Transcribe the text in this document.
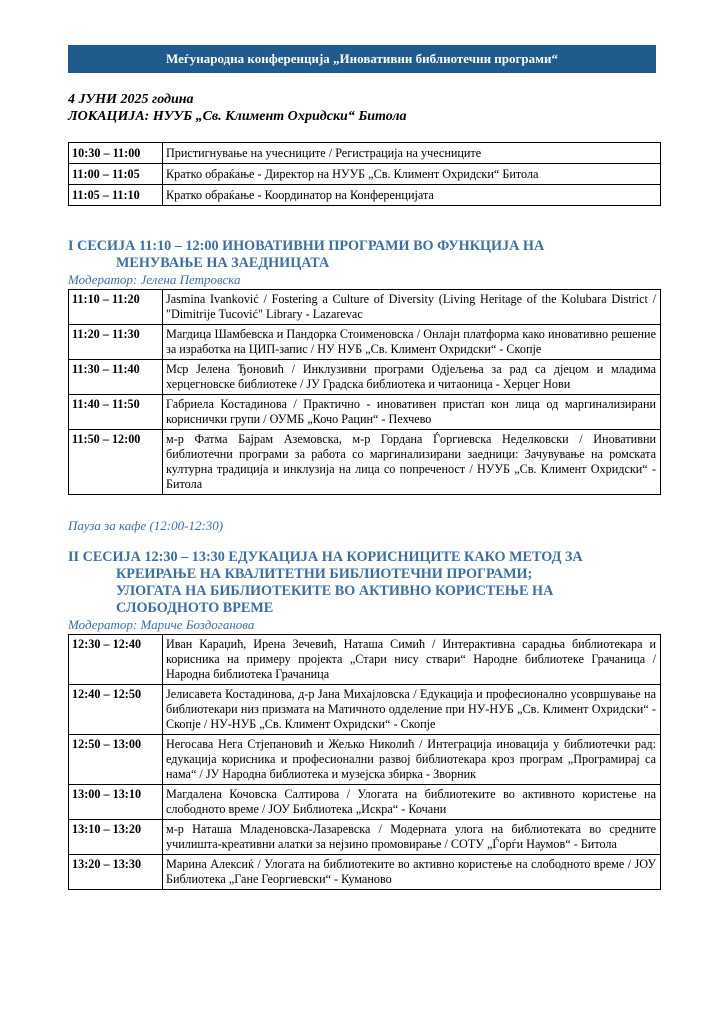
Меѓународна конференција „Иновативни библиотечни програми“
4 ЈУНИ 2025 година
ЛОКАЦИЈА: НУУБ „Св. Климент Охридски“ Битола
10:30 – 11:00	Пристигнување на учесниците / Регистрација на учесниците
11:00 – 11:05	Кратко обраќање - Директор на НУУБ „Св. Климент Охридски“ Битола
11:05 – 11:10	Кратко обраќање - Координатор на Конференцијата
I СЕСИЈА 11:10 – 12:00 ИНОВАТИВНИ ПРОГРАМИ ВО ФУНКЦИЈА НА
МЕНУВАЊЕ НА ЗАЕДНИЦАТА
Модератор: Јелена Петровска
11:10 – 11:20	Jasmina Ivanković / Fostering a Culture of Diversity (Living Heritage of the Kolubara District / "Dimitrije Tucović" Library - Lazarevac
11:20 – 11:30	Магдица Шамбевска и Пандорка Стоименовска / Онлајн платформа како иновативно решение за изработка на ЦИП-запис / НУ НУБ „Св. Климент Охридски“ - Скопје
11:30 – 11:40	Мср Јелена Ђоновић / Инклузивни програми Одјељења за рад са дјецом и младима херцегновске библиотеке / ЈУ Градска библиотека и читаоница - Херцег Нови
11:40 – 11:50	Габриела Костадинова / Практично - иновативен пристап кон лица од маргинализирани кориснички групи / ОУМБ „Кочо Рацин“ - Пехчево
11:50 – 12:00	м-р Фатма Бајрам Аземовска, м-р Гордана Ѓоргиевска Неделковски / Иновативни библиотечни програми за работа со маргинализирани заедници: Зачувување на ромската културна традиција и инклузија на лица со попреченост / НУУБ „Св. Климент Охридски“ - Битола
Пауза за кафе (12:00-12:30)
II СЕСИЈА 12:30 – 13:30 ЕДУКАЦИЈА НА КОРИСНИЦИТЕ КАКО МЕТОД ЗА
КРЕИРАЊЕ НА КВАЛИТЕТНИ БИБЛИОТЕЧНИ ПРОГРАМИ;
УЛОГАТА НА БИБЛИОТЕКИТЕ ВО АКТИВНО КОРИСТЕЊЕ НА
СЛОБОДНОТО ВРЕМЕ
Модератор: Мариче Боздоганова
12:30 – 12:40	Иван Караџић, Ирена Зечевић, Наташа Симић / Интерактивна сарадња библиотекара и корисника на примеру пројекта „Стари нису ствари“ Народне библиотеке Грачаница / Народна библиотека Грачаница
12:40 – 12:50	Јелисавета Костадинова, д-р Јана Михајловска / Едукација и професионално усовршување на библиотекари низ призмата на Матичното одделение при НУ-НУБ „Св. Климент Охридски“ - Скопје / НУ-НУБ „Св. Климент Охридски“ - Скопје
12:50 – 13:00	Негосава Нега Стјепановић и Жељко Николић / Интеграција иновација у библиотечки рад: едукација корисника и професионални развој библиотекара кроз програм „Програмирај са нама“ / ЈУ Народна библиотека и музејска збирка - Зворник
13:00 – 13:10	Магдалена Кочовска Салтирова / Улогата на библиотеките во активното користење на слободното време / ЈОУ Библиотека „Искра“ - Кочани
13:10 – 13:20	м-р Наташа Младеновска-Лазаревска / Модерната улога на библиотеката во средните училишта-креативни алатки за нејзино промовирање / СОТУ „Ѓорѓи Наумов“ - Битола
13:20 – 13:30	Марина Алексиќ / Улогата на библиотеките во активно користење на слободното време / ЈОУ Библиотека „Гане Георгиевски“ - Куманово
